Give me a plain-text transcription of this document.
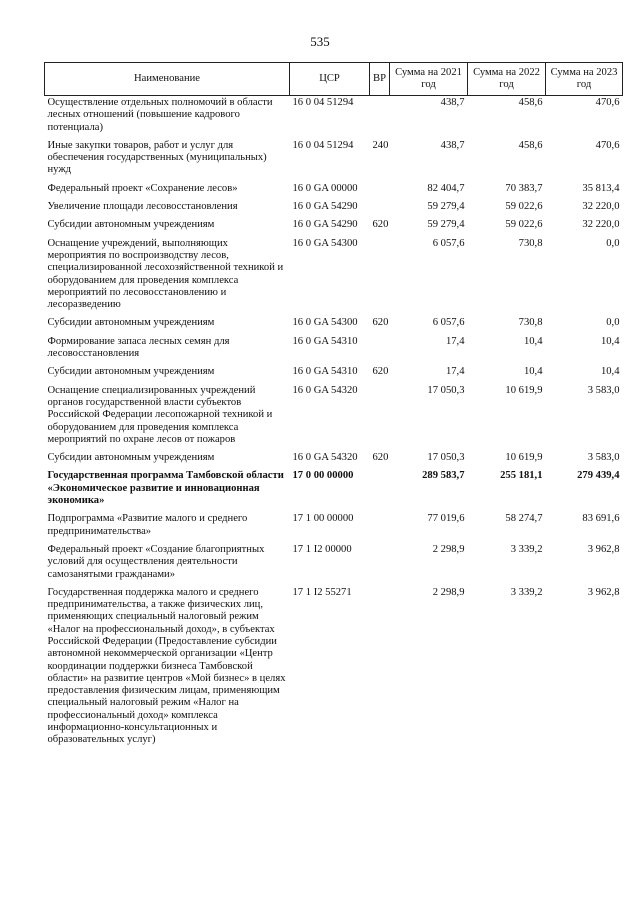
535
Наименование	ЦСР	ВР	Сумма на 2021 год	Сумма на 2022 год	Сумма на 2023 год
Осуществление отдельных полномочий в области лесных отношений (повышение кадрового потенциала)	16 0 04 51294		438,7	458,6	470,6
Иные закупки товаров, работ и услуг для обеспечения государственных (муниципальных) нужд	16 0 04 51294	240	438,7	458,6	470,6
Федеральный проект «Сохранение лесов»	16 0 GA 00000		82 404,7	70 383,7	35 813,4
Увеличение площади лесовосстановления	16 0 GA 54290		59 279,4	59 022,6	32 220,0
Субсидии автономным учреждениям	16 0 GA 54290	620	59 279,4	59 022,6	32 220,0
Оснащение учреждений, выполняющих мероприятия по воспроизводству лесов, специализированной лесохозяйственной техникой и оборудованием для проведения комплекса мероприятий по лесовосстановлению и лесоразведению	16 0 GA 54300		6 057,6	730,8	0,0
Субсидии автономным учреждениям	16 0 GA 54300	620	6 057,6	730,8	0,0
Формирование запаса лесных семян для лесовосстановления	16 0 GA 54310		17,4	10,4	10,4
Субсидии автономным учреждениям	16 0 GA 54310	620	17,4	10,4	10,4
Оснащение специализированных учреждений органов государственной власти субъектов Российской Федерации лесопожарной техникой и оборудованием для проведения комплекса мероприятий по охране лесов от пожаров	16 0 GA 54320		17 050,3	10 619,9	3 583,0
Субсидии автономным учреждениям	16 0 GA 54320	620	17 050,3	10 619,9	3 583,0
Государственная программа Тамбовской области «Экономическое развитие и инновационная экономика»	17 0 00 00000		289 583,7	255 181,1	279 439,4
Подпрограмма «Развитие малого и среднего предпринимательства»	17 1 00 00000		77 019,6	58 274,7	83 691,6
Федеральный проект «Создание благоприятных условий для осуществления деятельности самозанятыми гражданами»	17 1 I2 00000		2 298,9	3 339,2	3 962,8
Государственная поддержка малого и среднего предпринимательства, а также физических лиц, применяющих специальный налоговый режим «Налог на профессиональный доход», в субъектах Российской Федерации (Предоставление субсидии автономной некоммерческой организации «Центр координации поддержки бизнеса Тамбовской области» на развитие центров «Мой бизнес» в целях предоставления физическим лицам, применяющим специальный налоговый режим «Налог на профессиональный доход» комплекса информационно-консультационных и образовательных услуг)	17 1 I2 55271		2 298,9	3 339,2	3 962,8
